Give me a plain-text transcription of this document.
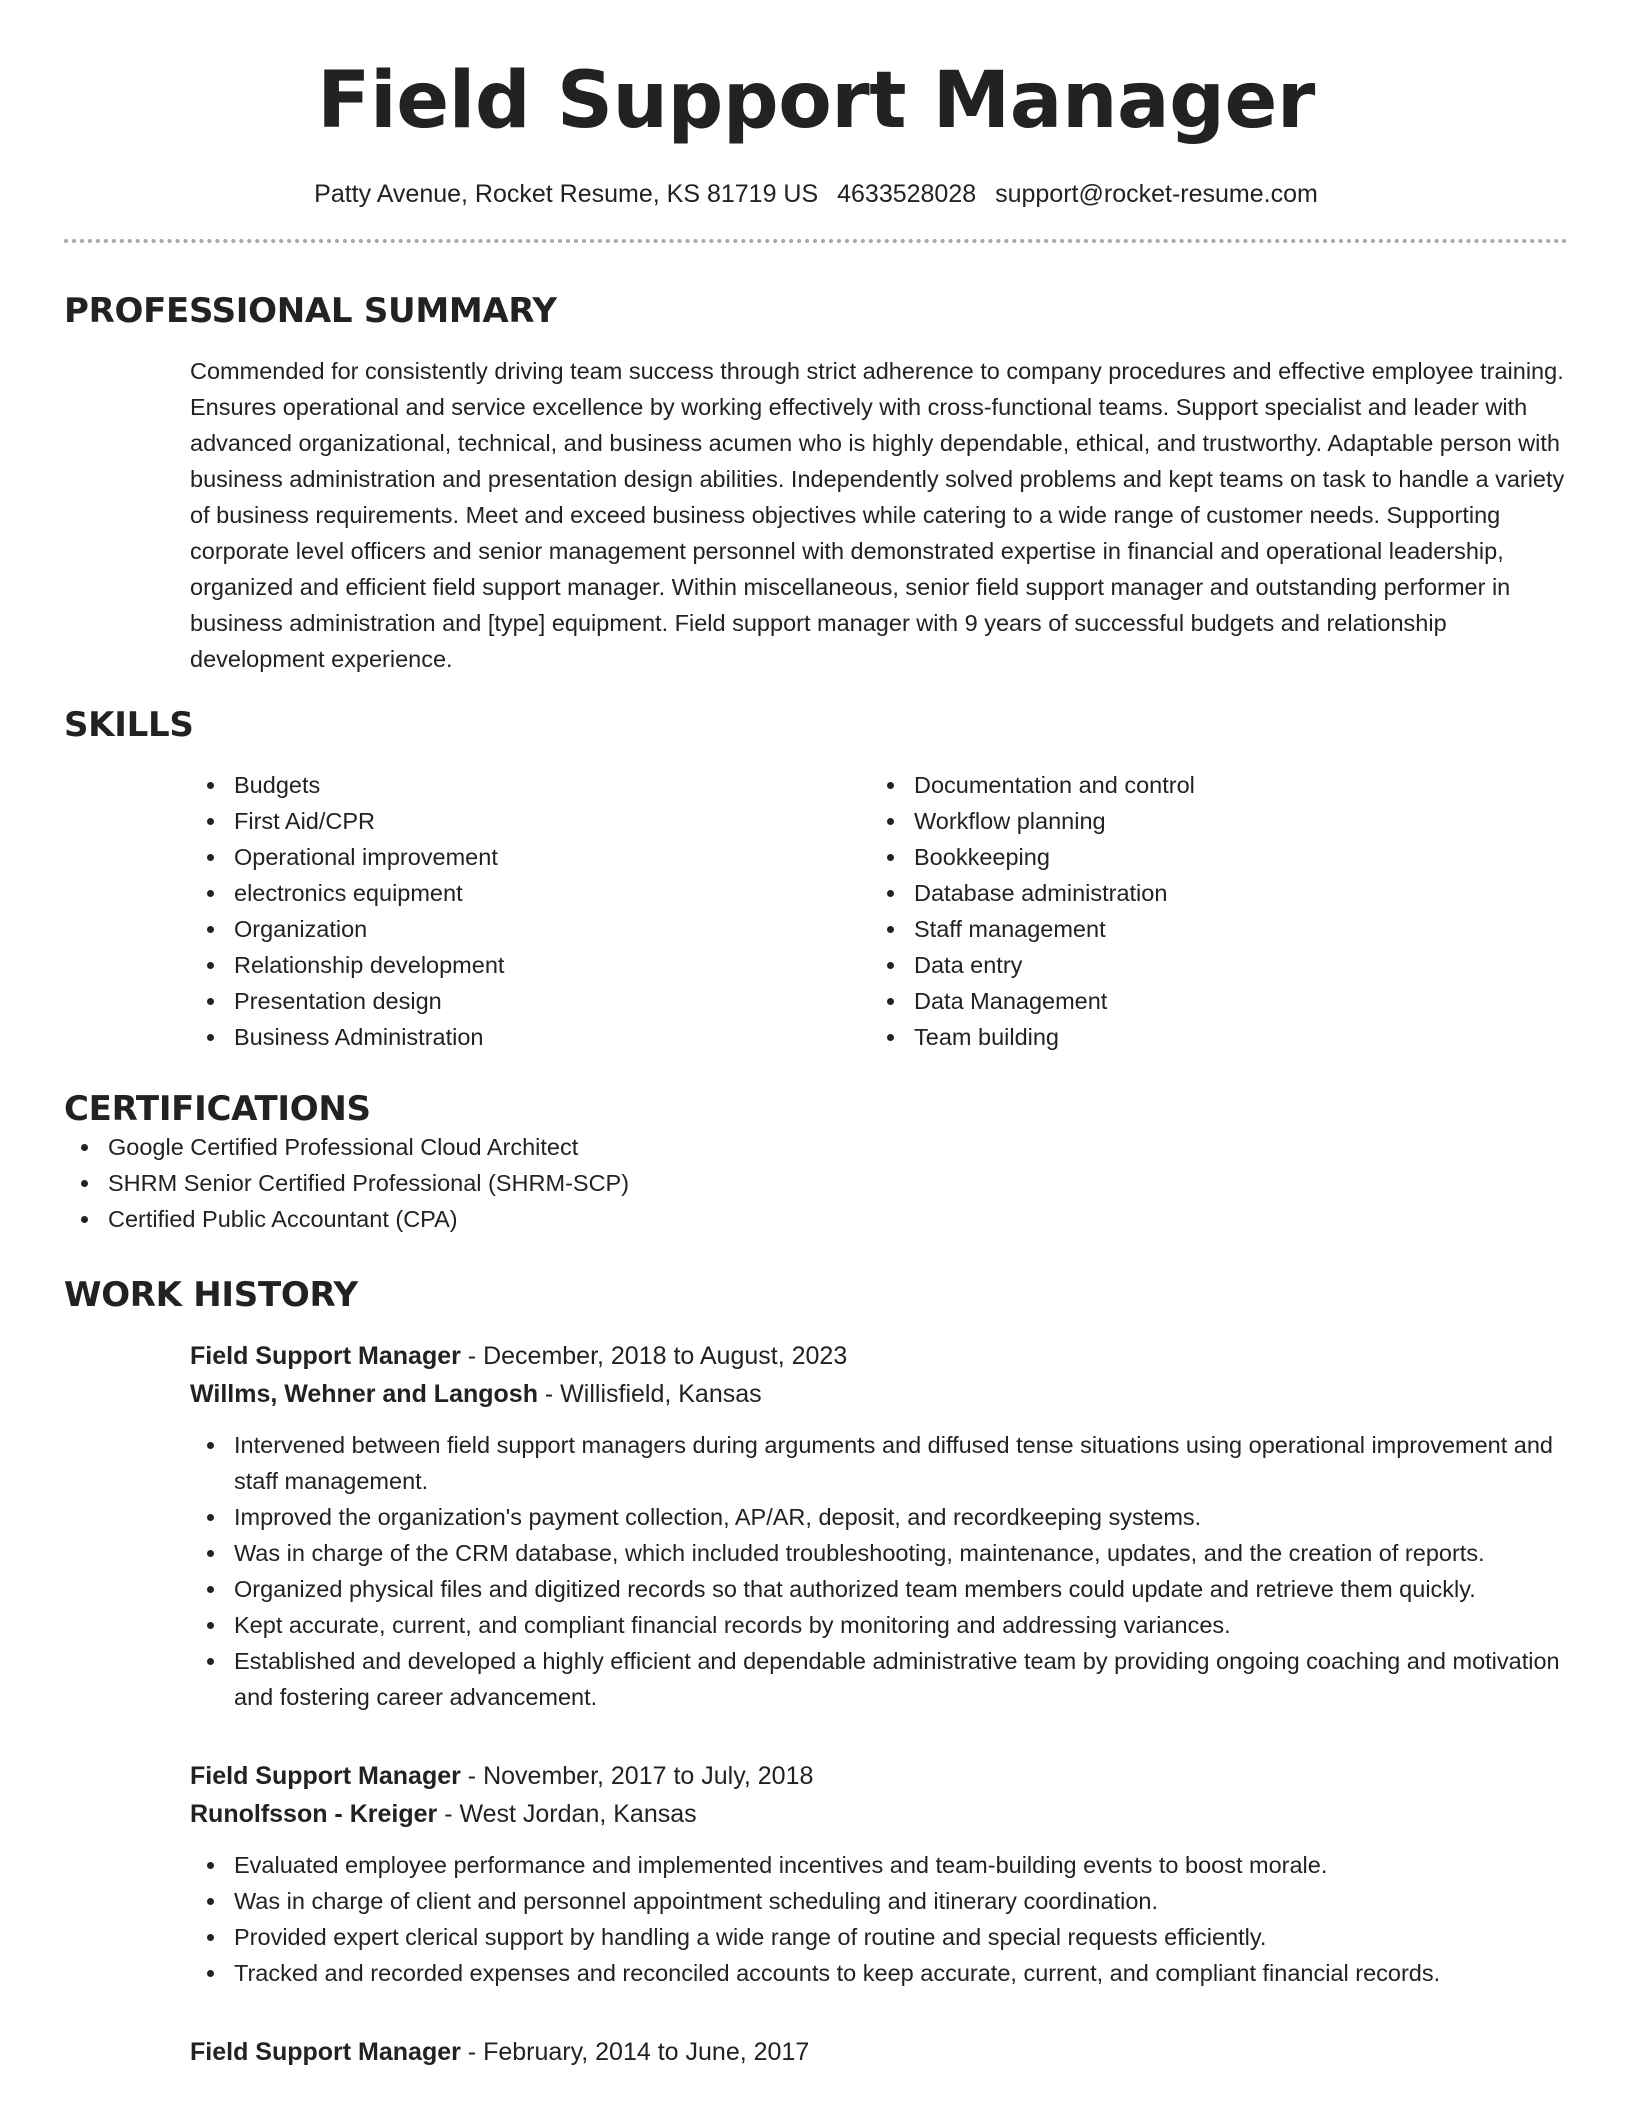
Field Support Manager
Patty Avenue, Rocket Resume, KS 81719 US 4633528028 support@rocket-resume.com
PROFESSIONAL SUMMARY
Commended for consistently driving team success through strict adherence to company procedures and effective employee training. Ensures operational and service excellence by working effectively with cross-functional teams. Support specialist and leader with advanced organizational, technical, and business acumen who is highly dependable, ethical, and trustworthy. Adaptable person with business administration and presentation design abilities. Independently solved problems and kept teams on task to handle a variety of business requirements. Meet and exceed business objectives while catering to a wide range of customer needs. Supporting corporate level officers and senior management personnel with demonstrated expertise in financial and operational leadership, organized and efficient field support manager. Within miscellaneous, senior field support manager and outstanding performer in business administration and [type] equipment. Field support manager with 9 years of successful budgets and relationship development experience.
SKILLS
Budgets
First Aid/CPR
Operational improvement
electronics equipment
Organization
Relationship development
Presentation design
Business Administration
Documentation and control
Workflow planning
Bookkeeping
Database administration
Staff management
Data entry
Data Management
Team building
CERTIFICATIONS
Google Certified Professional Cloud Architect
SHRM Senior Certified Professional (SHRM-SCP)
Certified Public Accountant (CPA)
WORK HISTORY
Field Support Manager - December, 2018 to August, 2023
Willms, Wehner and Langosh - Willisfield, Kansas
Intervened between field support managers during arguments and diffused tense situations using operational improvement and staff management.
Improved the organization's payment collection, AP/AR, deposit, and recordkeeping systems.
Was in charge of the CRM database, which included troubleshooting, maintenance, updates, and the creation of reports.
Organized physical files and digitized records so that authorized team members could update and retrieve them quickly.
Kept accurate, current, and compliant financial records by monitoring and addressing variances.
Established and developed a highly efficient and dependable administrative team by providing ongoing coaching and motivation and fostering career advancement.
Field Support Manager - November, 2017 to July, 2018
Runolfsson - Kreiger - West Jordan, Kansas
Evaluated employee performance and implemented incentives and team-building events to boost morale.
Was in charge of client and personnel appointment scheduling and itinerary coordination.
Provided expert clerical support by handling a wide range of routine and special requests efficiently.
Tracked and recorded expenses and reconciled accounts to keep accurate, current, and compliant financial records.
Field Support Manager - February, 2014 to June, 2017
